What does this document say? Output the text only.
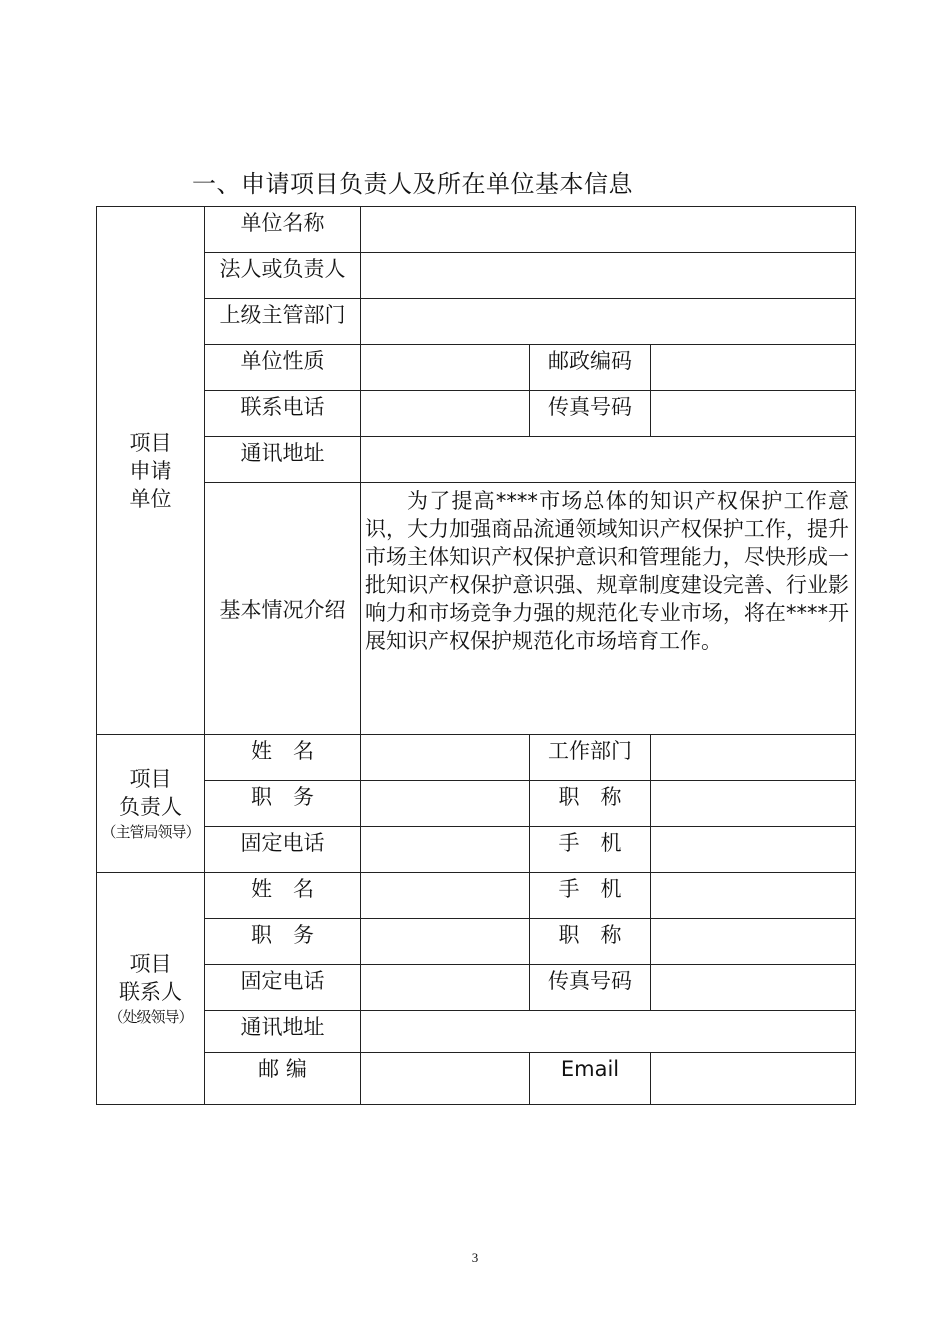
一、申请项目负责人及所在单位基本信息
项目
申请
单位	单位名称			
	法人或负责人			
	上级主管部门			
	单位性质		邮政编码	
	联系电话		传真号码	
	通讯地址			
	基本情况介绍	为了提高****市场总体的知识产权保护工作意识，大力加强商品流通领域知识产权保护工作，提升市场主体知识产权保护意识和管理能力，尽快形成一批知识产权保护意识强、规章制度建设完善、行业影响力和市场竞争力强的规范化专业市场，将在****开展知识产权保护规范化市场培育工作。		

项目
负责人
（主管局领导）	姓　名		工作部门	
	职　务		职　称	
	固定电话		手　机	
项目
联系人
（处级领导）	姓　名		手　机	
	职　务		职　称	
	固定电话		传真号码	
	通讯地址			
	邮 编		Email	
3
